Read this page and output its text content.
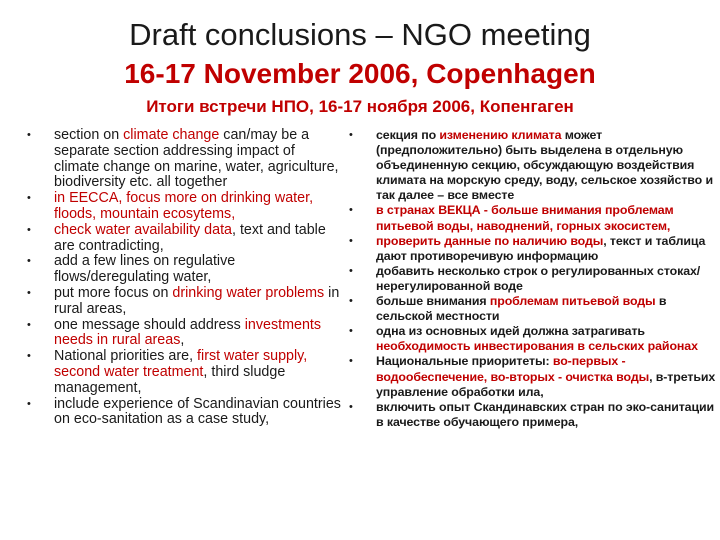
Draft conclusions – NGO meeting
16-17 November 2006, Copenhagen
Итоги встречи НПО, 16-17 ноября 2006, Копенгаген
• section on climate change can/may be a separate section addressing impact of climate change on marine, water, agriculture, biodiversity etc. all together
• in EECCA, focus more on drinking water, floods, mountain ecosytems,
• check water availability data, text and table are contradicting,
• add a few lines on regulative flows/deregulating water,
• put more focus on drinking water problems in rural areas,
• one message should address investments needs in rural areas,
• National priorities are, first water supply, second water treatment, third sludge management,
• include experience of Scandinavian countries on eco-sanitation as a case study,
• секция по изменению климата может (предположительно) быть выделена в отдельную объединенную секцию, обсуждающую воздействия климата на морскую среду, воду, сельское хозяйство и так далее – все вместе
• в странах ВЕКЦА - больше внимания проблемам питьевой воды, наводнений, горных экосистем,
• проверить данные по наличию воды, текст и таблица дают противоречивую информацию
• добавить несколько строк о регулированных стоках/нерегулированной воде
• больше внимания проблемам питьевой воды в сельской местности
• одна из основных идей должна затрагивать необходимость инвестирования в сельских районах
• Национальные приоритеты: во-первых - водообеспечение, во-вторых - очистка воды, в-третьих управление обработки ила,
• включить опыт Скандинавских стран по эко-санитации в качестве обучающего примера,
